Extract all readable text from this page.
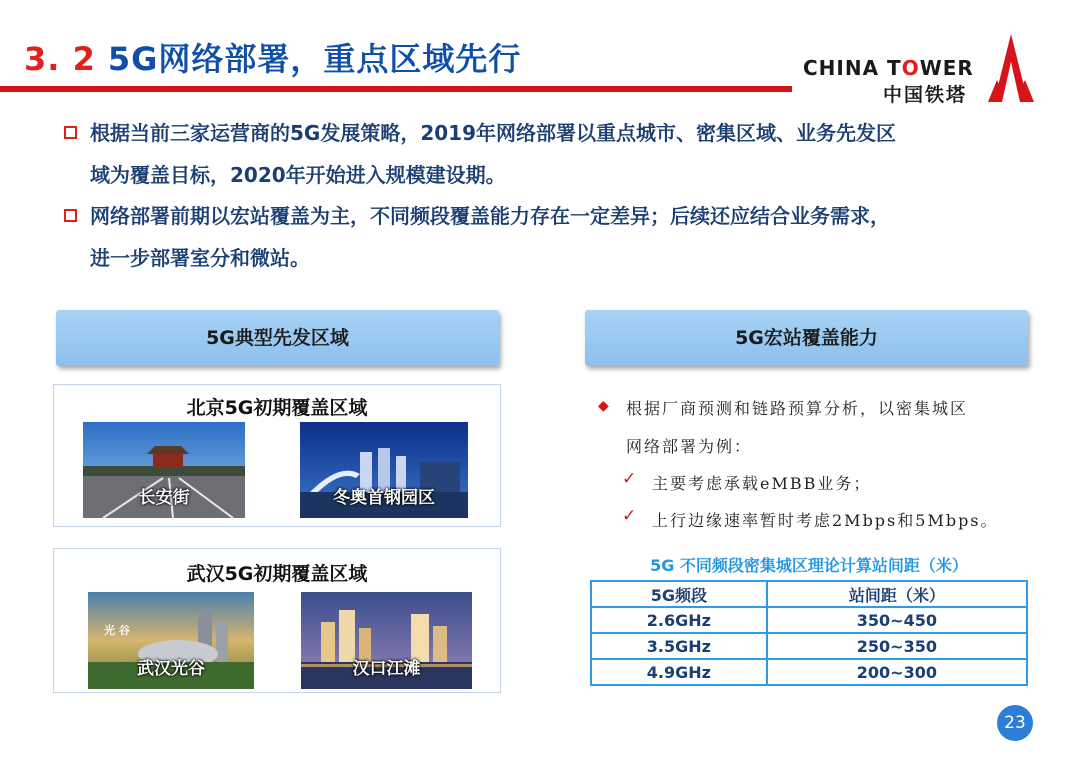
3. 2 5G网络部署，重点区域先行	CHINA TOWER
中国铁塔
根据当前三家运营商的5G发展策略，2019年网络部署以重点城市、密集区域、业务先发区
域为覆盖目标，2020年开始进入规模建设期。
网络部署前期以宏站覆盖为主，不同频段覆盖能力存在一定差异；后续还应结合业务需求，
进一步部署室分和微站。
5G典型先发区域
北京5G初期覆盖区域
长安街	冬奥首钢园区
武汉5G初期覆盖区域
光 谷
武汉光谷	汉口江滩
5G宏站覆盖能力
◆ 根据厂商预测和链路预算分析，以密集城区
网络部署为例：
✓ 主要考虑承载eMBB业务；
✓ 上行边缘速率暂时考虑2Mbps和5Mbps。
5G 不同频段密集城区理论计算站间距（米）
5G频段	站间距（米）
2.6GHz	350~450
3.5GHz	250~350
4.9GHz	200~300
23
